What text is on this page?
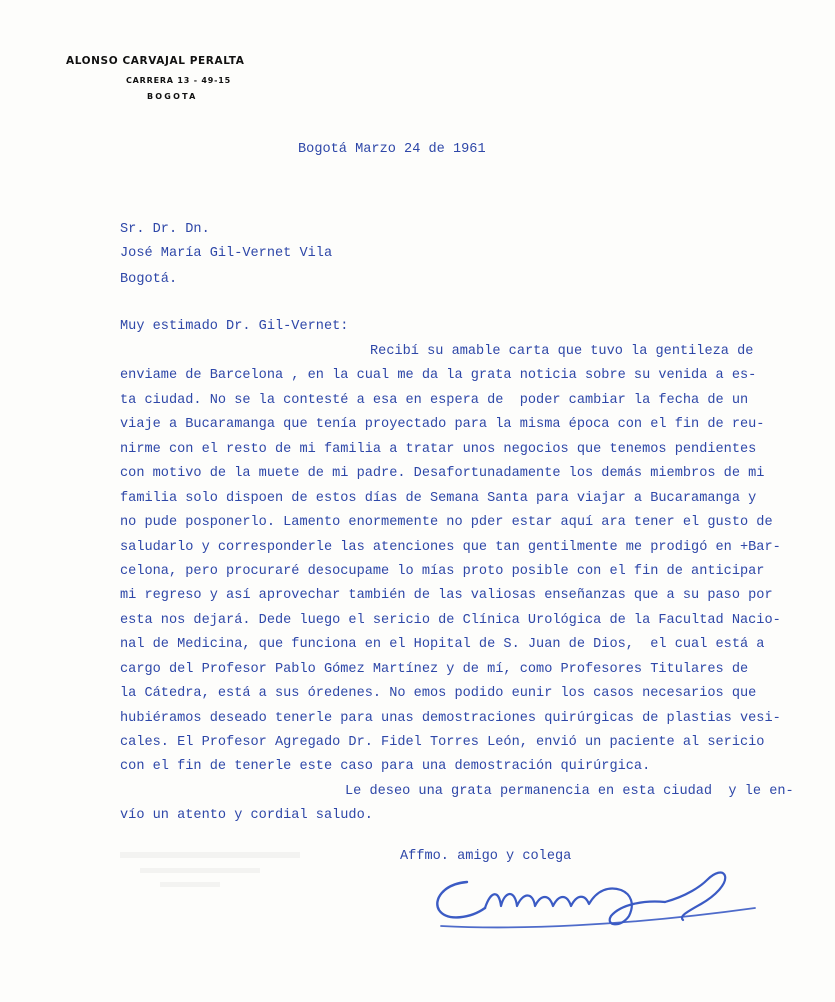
ALONSO CARVAJAL PERALTA
CARRERA 13 - 49-15
BOGOTA
Bogotá Marzo 24 de 1961
Sr. Dr. Dn.
José María Gil-Vernet Vila
Bogotá.
Muy estimado Dr. Gil-Vernet:
Recibí su amable carta que tuvo la gentileza de
enviame de Barcelona , en la cual me da la grata noticia sobre su venida a es-
ta ciudad. No se la contesté a esa en espera de  poder cambiar la fecha de un
viaje a Bucaramanga que tenía proyectado para la misma época con el fin de reu-
nirme con el resto de mi familia a tratar unos negocios que tenemos pendientes
con motivo de la muete de mi padre. Desafortunadamente los demás miembros de mi
familia solo dispoen de estos días de Semana Santa para viajar a Bucaramanga y
no pude posponerlo. Lamento enormemente no pder estar aquí ara tener el gusto de
saludarlo y corresponderle las atenciones que tan gentilmente me prodigó en +Bar-
celona, pero procuraré desocupame lo mías proto posible con el fin de anticipar
mi regreso y así aprovechar también de las valiosas enseñanzas que a su paso por
esta nos dejará. Dede luego el sericio de Clínica Urológica de la Facultad Nacio-
nal de Medicina, que funciona en el Hopital de S. Juan de Dios,  el cual está a
cargo del Profesor Pablo Gómez Martínez y de mí, como Profesores Titulares de
la Cátedra, está a sus óredenes. No emos podido eunir los casos necesarios que
hubiéramos deseado tenerle para unas demostraciones quirúrgicas de plastias vesi-
cales. El Profesor Agregado Dr. Fidel Torres León, envió un paciente al sericio
con el fin de tenerle este caso para una demostración quirúrgica.
Le deseo una grata permanencia en esta ciudad  y le en-
vío un atento y cordial saludo.
Affmo. amigo y colega
